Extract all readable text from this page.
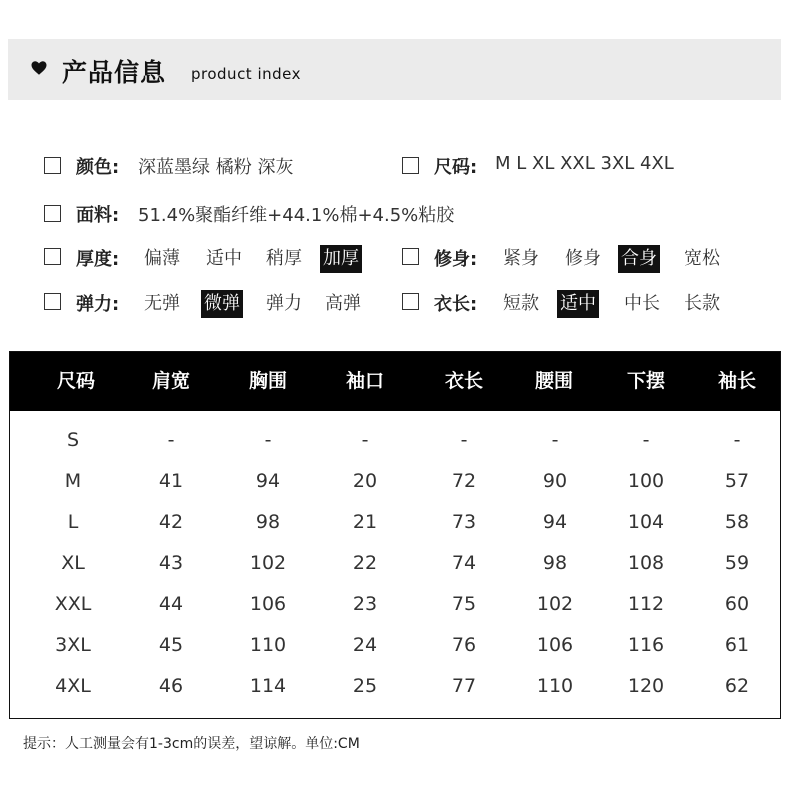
产品信息 product index
颜色: 深蓝墨绿 橘粉 深灰	尺码: M L XL XXL 3XL 4XL
面料: 51.4%聚酯纤维+44.1%棉+4.5%粘胶
厚度: 偏薄 适中 稍厚 加厚	修身: 紧身 修身 合身 宽松
弹力: 无弹 微弹 弹力 高弹	衣长: 短款 适中 中长 长款
尺码	肩宽	胸围	袖口	衣长	腰围	下摆	袖长
S	-	-	-	-	-	-	-
M	41	94	20	72	90	100	57
L	42	98	21	73	94	104	58
XL	43	102	22	74	98	108	59
XXL	44	106	23	75	102	112	60
3XL	45	110	24	76	106	116	61
4XL	46	114	25	77	110	120	62
提示：人工测量会有1-3cm的误差，望谅解。单位:CM
